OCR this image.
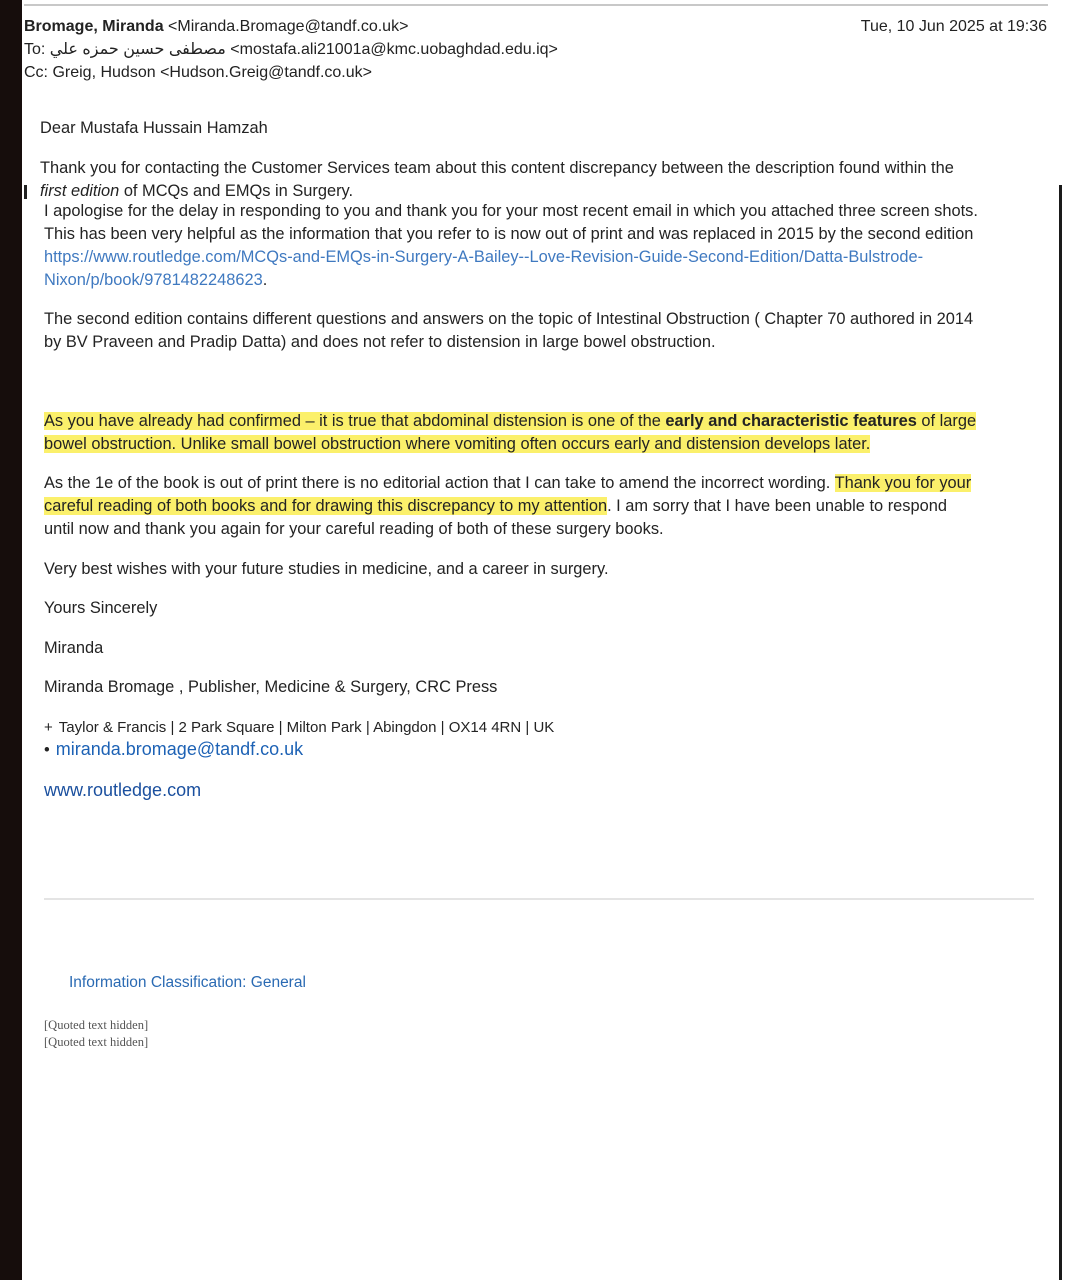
Bromage, Miranda <Miranda.Bromage@tandf.co.uk>	Tue, 10 Jun 2025 at 19:36
To: مصطفى حسين حمزه علي <mostafa.ali21001a@kmc.uobaghdad.edu.iq>
Cc: Greig, Hudson <Hudson.Greig@tandf.co.uk>
Dear Mustafa Hussain Hamzah
Thank you for contacting the Customer Services team about this content discrepancy between the description found within the
first edition of MCQs and EMQs in Surgery.
I apologise for the delay in responding to you and thank you for your most recent email in which you attached three screen shots.
This has been very helpful as the information that you refer to is now out of print and was replaced in 2015 by the second edition
https://www.routledge.com/MCQs-and-EMQs-in-Surgery-A-Bailey--Love-Revision-Guide-Second-Edition/Datta-Bulstrode-
Nixon/p/book/9781482248623.
The second edition contains different questions and answers on the topic of Intestinal Obstruction ( Chapter 70 authored in 2014
by BV Praveen and Pradip Datta) and does not refer to distension in large bowel obstruction.
As you have already had confirmed – it is true that abdominal distension is one of the early and characteristic features of large
bowel obstruction. Unlike small bowel obstruction where vomiting often occurs early and distension develops later.
As the 1e of the book is out of print there is no editorial action that I can take to amend the incorrect wording. Thank you for your
careful reading of both books and for drawing this discrepancy to my attention. I am sorry that I have been unable to respond
until now and thank you again for your careful reading of both of these surgery books.
Very best wishes with your future studies in medicine, and a career in surgery.
Yours Sincerely
Miranda
Miranda Bromage , Publisher, Medicine & Surgery, CRC Press
+ Taylor & Francis | 2 Park Square | Milton Park | Abingdon | OX14 4RN | UK
• miranda.bromage@tandf.co.uk
www.routledge.com
Information Classification: General
[Quoted text hidden]
[Quoted text hidden]
